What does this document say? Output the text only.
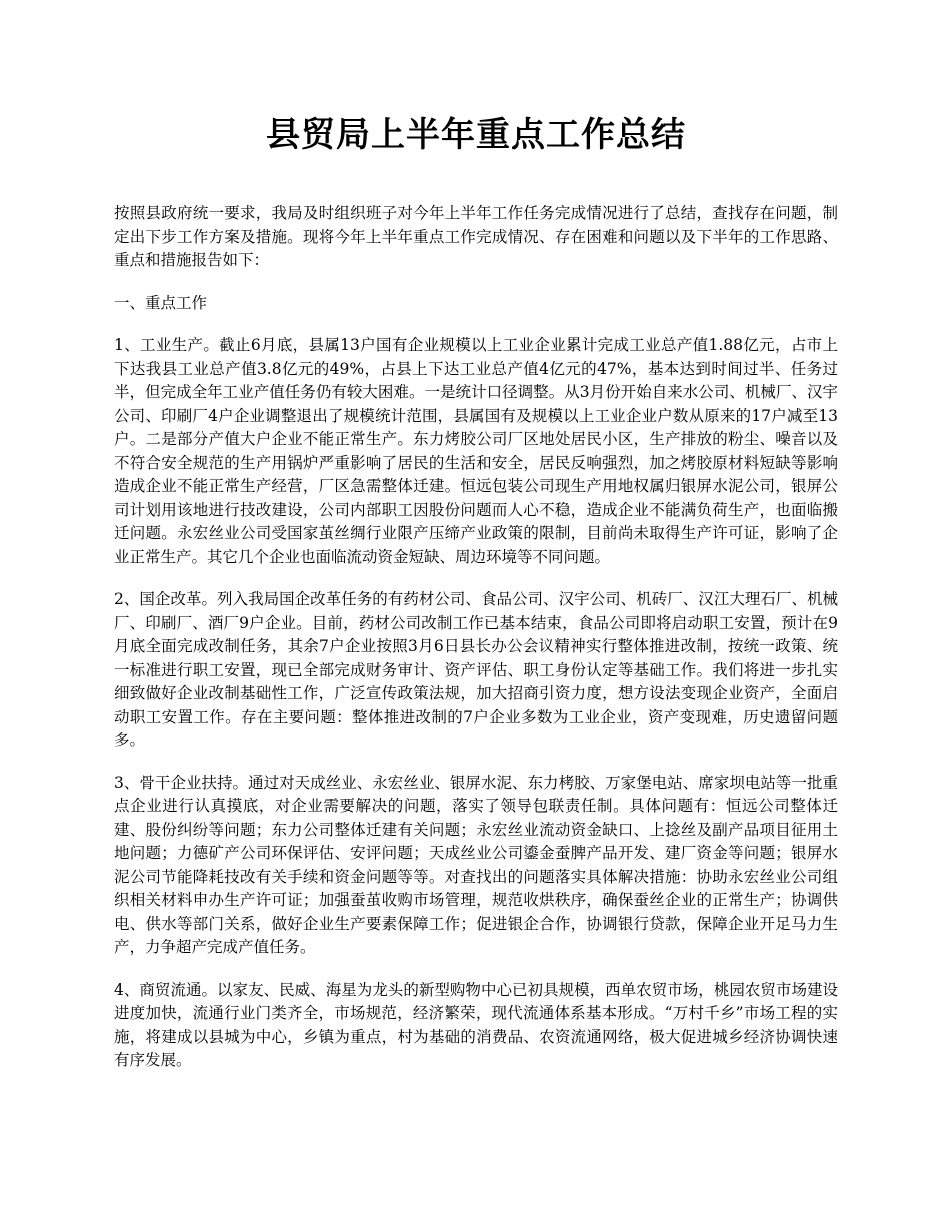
县贸局上半年重点工作总结

按照县政府统一要求，我局及时组织班子对今年上半年工作任务完成情况进行了总结，查找存在问题，制定出下步工作方案及措施。现将今年上半年重点工作完成情况、存在困难和问题以及下半年的工作思路、重点和措施报告如下：

一、重点工作

1、工业生产。截止6月底，县属13户国有企业规模以上工业企业累计完成工业总产值1.88亿元，占市上下达我县工业总产值3.8亿元的49%，占县上下达工业总产值4亿元的47%，基本达到时间过半、任务过半，但完成全年工业产值任务仍有较大困难。一是统计口径调整。从3月份开始自来水公司、机械厂、汉宇公司、印刷厂4户企业调整退出了规模统计范围，县属国有及规模以上工业企业户数从原来的17户减至13户。二是部分产值大户企业不能正常生产。东力烤胶公司厂区地处居民小区，生产排放的粉尘、噪音以及不符合安全规范的生产用锅炉严重影响了居民的生活和安全，居民反响强烈，加之烤胶原材料短缺等影响造成企业不能正常生产经营，厂区急需整体迁建。恒远包装公司现生产用地权属归银屏水泥公司，银屏公司计划用该地进行技改建设，公司内部职工因股份问题而人心不稳，造成企业不能满负荷生产，也面临搬迁问题。永宏丝业公司受国家茧丝绸行业限产压缔产业政策的限制，目前尚未取得生产许可证，影响了企业正常生产。其它几个企业也面临流动资金短缺、周边环境等不同问题。

2、国企改革。列入我局国企改革任务的有药材公司、食品公司、汉宇公司、机砖厂、汉江大理石厂、机械厂、印刷厂、酒厂9户企业。目前，药材公司改制工作已基本结束，食品公司即将启动职工安置，预计在9月底全面完成改制任务，其余7户企业按照3月6日县长办公会议精神实行整体推进改制，按统一政策、统一标准进行职工安置，现已全部完成财务审计、资产评估、职工身份认定等基础工作。我们将进一步扎实细致做好企业改制基础性工作，广泛宣传政策法规，加大招商引资力度，想方设法变现企业资产，全面启动职工安置工作。存在主要问题：整体推进改制的7户企业多数为工业企业，资产变现难，历史遗留问题多。

3、骨干企业扶持。通过对天成丝业、永宏丝业、银屏水泥、东力栲胶、万家堡电站、席家坝电站等一批重点企业进行认真摸底，对企业需要解决的问题，落实了领导包联责任制。具体问题有：恒远公司整体迁建、股份纠纷等问题；东力公司整体迁建有关问题；永宏丝业流动资金缺口、上捻丝及副产品项目征用土地问题；力德矿产公司环保评估、安评问题；天成丝业公司鎏金蚕脾产品开发、建厂资金等问题；银屏水泥公司节能降耗技改有关手续和资金问题等等。对查找出的问题落实具体解决措施：协助永宏丝业公司组织相关材料申办生产许可证；加强蚕茧收购市场管理，规范收烘秩序，确保蚕丝企业的正常生产；协调供电、供水等部门关系，做好企业生产要素保障工作；促进银企合作，协调银行贷款，保障企业开足马力生产，力争超产完成产值任务。

4、商贸流通。以家友、民威、海星为龙头的新型购物中心已初具规模，西单农贸市场，桃园农贸市场建设进度加快，流通行业门类齐全，市场规范，经济繁荣，现代流通体系基本形成。“万村千乡”市场工程的实施，将建成以县城为中心，乡镇为重点，村为基础的消费品、农资流通网络，极大促进城乡经济协调快速有序发展。
